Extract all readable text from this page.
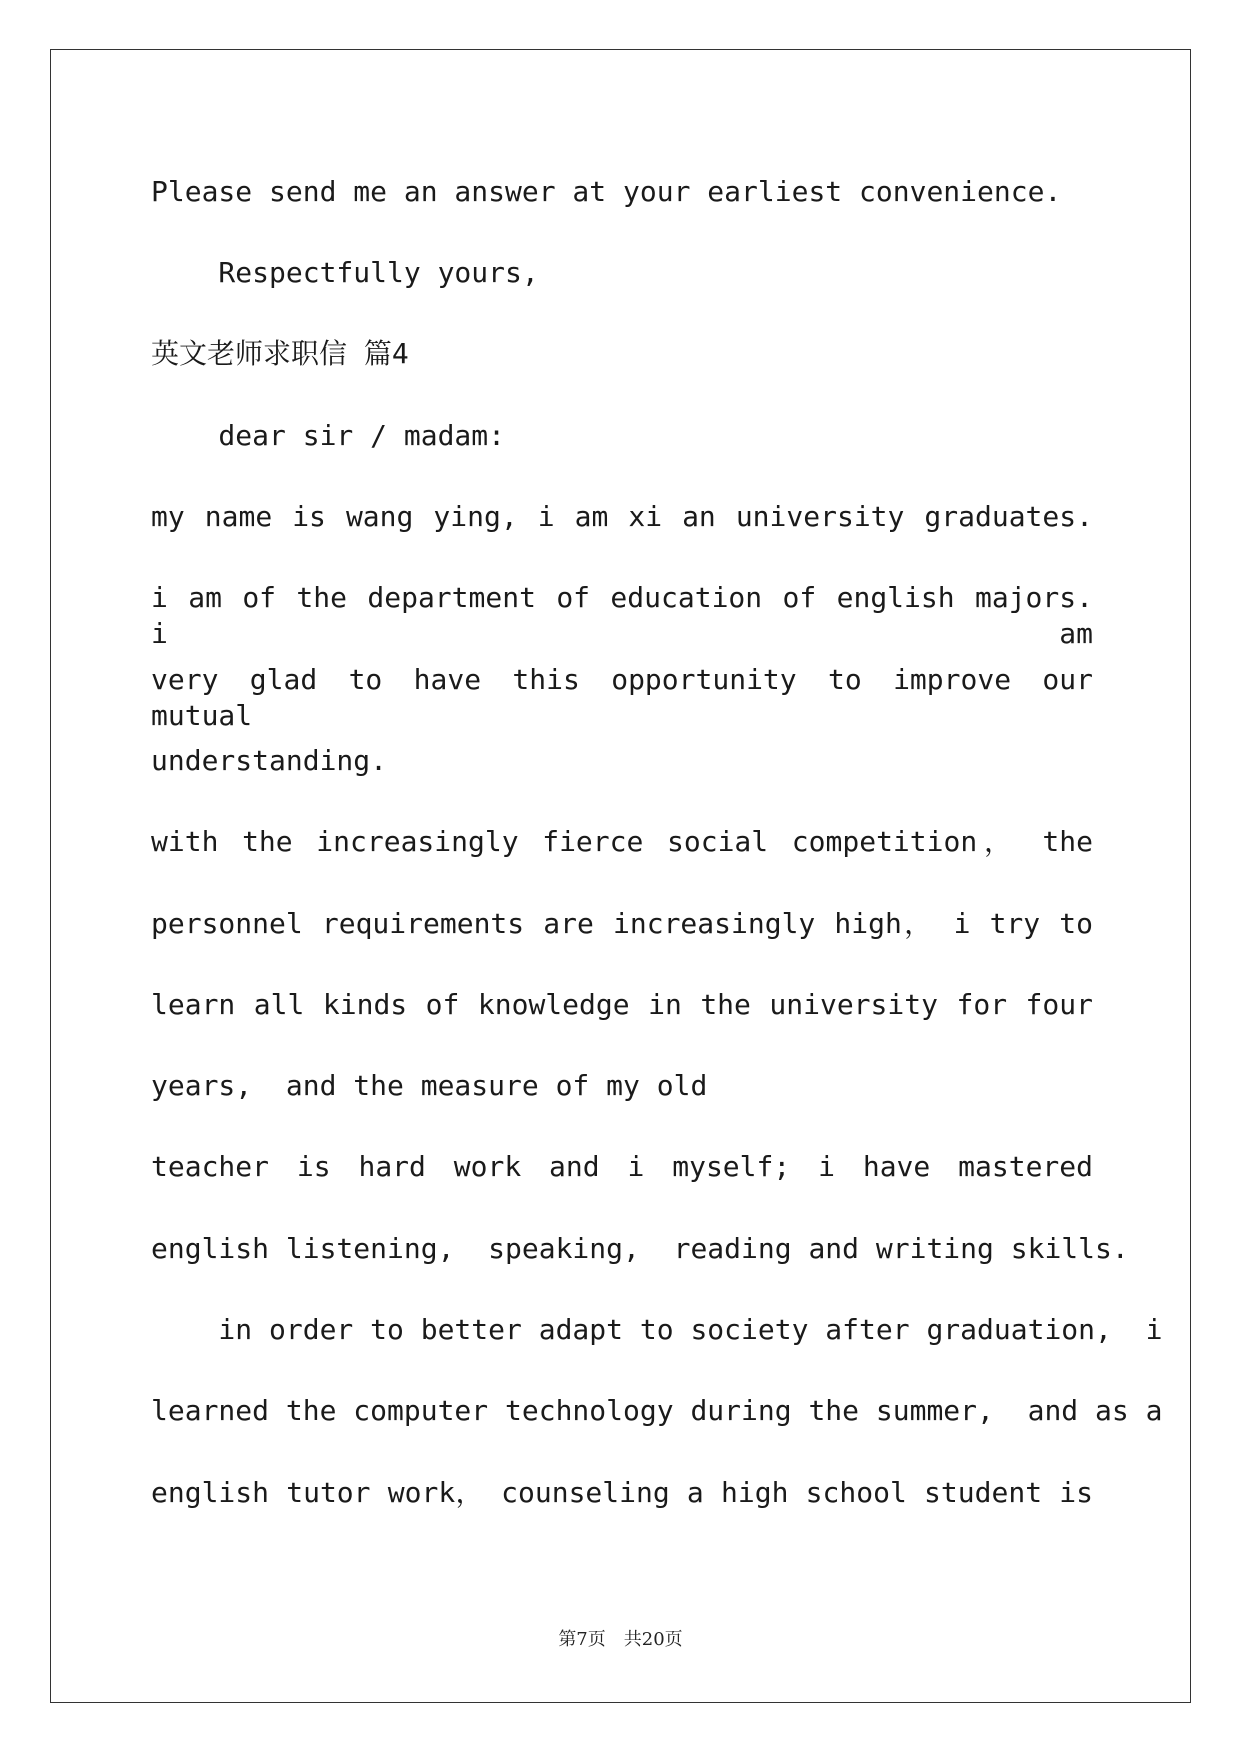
Please send me an answer at your earliest convenience.
Respectfully yours,
英文老师求职信 篇4
dear sir / madam:
my name is wang ying, i am xi an university graduates.
i am of the department of education of english majors. i am
very glad to have this opportunity to improve our mutual
understanding.
with the increasingly fierce social competition， the
personnel requirements are increasingly high， i try to
learn all kinds of knowledge in the university for four
years,  and the measure of my old
teacher is hard work and i myself; i have mastered
english listening,  speaking,  reading and writing skills.
in order to better adapt to society after graduation,  i
learned the computer technology during the summer,  and as a
english tutor work， counseling a high school student is
第7页　共20页
